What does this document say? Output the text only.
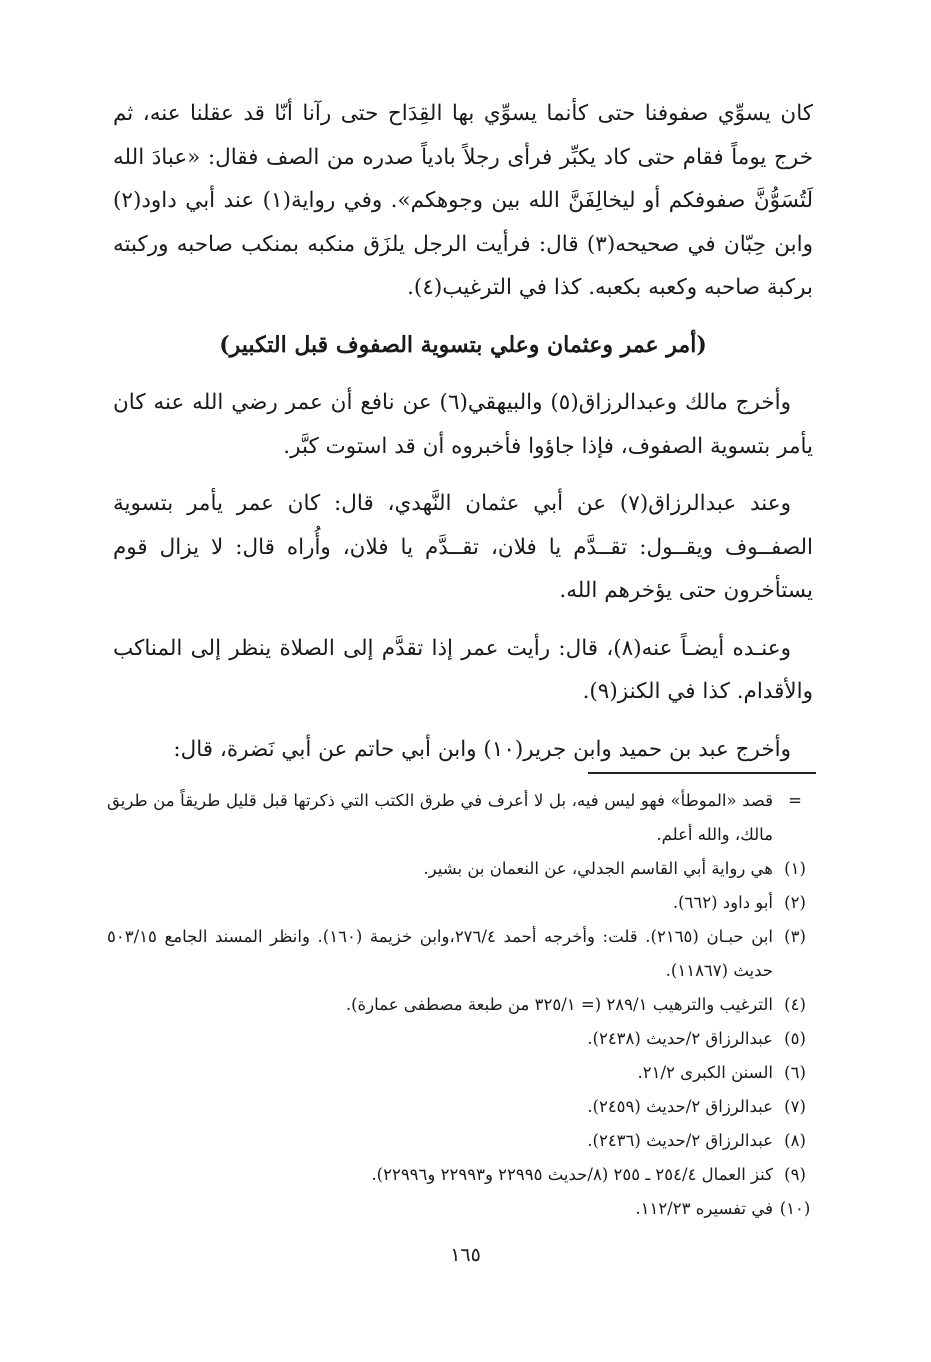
كان يسوِّي صفوفنا حتى كأنما يسوِّي بها القِدَاح حتى رآنا أنّا قد عقلنا عنه، ثم خرج يوماً فقام حتى كاد يكبِّر فرأى رجلاً بادياً صدره من الصف فقال: «عبادَ الله لَتُسَوُّنَّ صفوفكم أو ليخالِفَنَّ الله بين وجوهكم». وفي رواية(١) عند أبي داود(٢) وابن حِبّان في صحيحه(٣) قال: فرأيت الرجل يلزَق منكبه بمنكب صاحبه وركبته بركبة صاحبه وكعبه بكعبه. كذا في الترغيب(٤).

(أمر عمر وعثمان وعلي بتسوية الصفوف قبل التكبير)

وأخرج مالك وعبدالرزاق(٥) والبيهقي(٦) عن نافع أن عمر رضي الله عنه كان يأمر بتسوية الصفوف، فإذا جاؤوا فأخبروه أن قد استوت كبَّر.

وعند عبدالرزاق(٧) عن أبي عثمان النَّهدي، قال: كان عمر يأمر بتسوية الصفــوف ويقــول: تقــدَّم يا فلان، تقــدَّم يا فلان، وأُراه قال: لا يزال قوم يستأخرون حتى يؤخرهم الله.

وعنـده أيضـاً عنه(٨)، قال: رأيت عمر إذا تقدَّم إلى الصلاة ينظر إلى المناكب والأقدام. كذا في الكنز(٩).

وأخرج عبد بن حميد وابن جرير(١٠) وابن أبي حاتم عن أبي نَضرة، قال:

=
قصد «الموطأ» فهو ليس فيه، بل لا أعرف في طرق الكتب التي ذكرتها قبل قليل طريقاً من طريق مالك، والله أعلم.
(١)
هي رواية أبي القاسم الجدلي، عن النعمان بن بشير.
(٢)
أبو داود (٦٦٢).
(٣)
ابن حبـان (٢١٦٥). قلت: وأخرجه أحمد ٢٧٦/٤،وابن خزيمة (١٦٠). وانظر المسند الجامع ٥٠٣/١٥ حديث (١١٨٦٧).
(٤)
الترغيب والترهيب ٢٨٩/١ (= ٣٢٥/١ من طبعة مصطفى عمارة).
(٥)
عبدالرزاق ٢/حديث (٢٤٣٨).
(٦)
السنن الكبرى ٢١/٢.
(٧)
عبدالرزاق ٢/حديث (٢٤٥٩).
(٨)
عبدالرزاق ٢/حديث (٢٤٣٦).
(٩)
كنز العمال ٢٥٤/٤ ـ ٢٥٥ (٨/حديث ٢٢٩٩٥ و٢٢٩٩٣ و٢٢٩٩٦).
(١٠)
في تفسيره ١١٢/٢٣.
١٦٥
